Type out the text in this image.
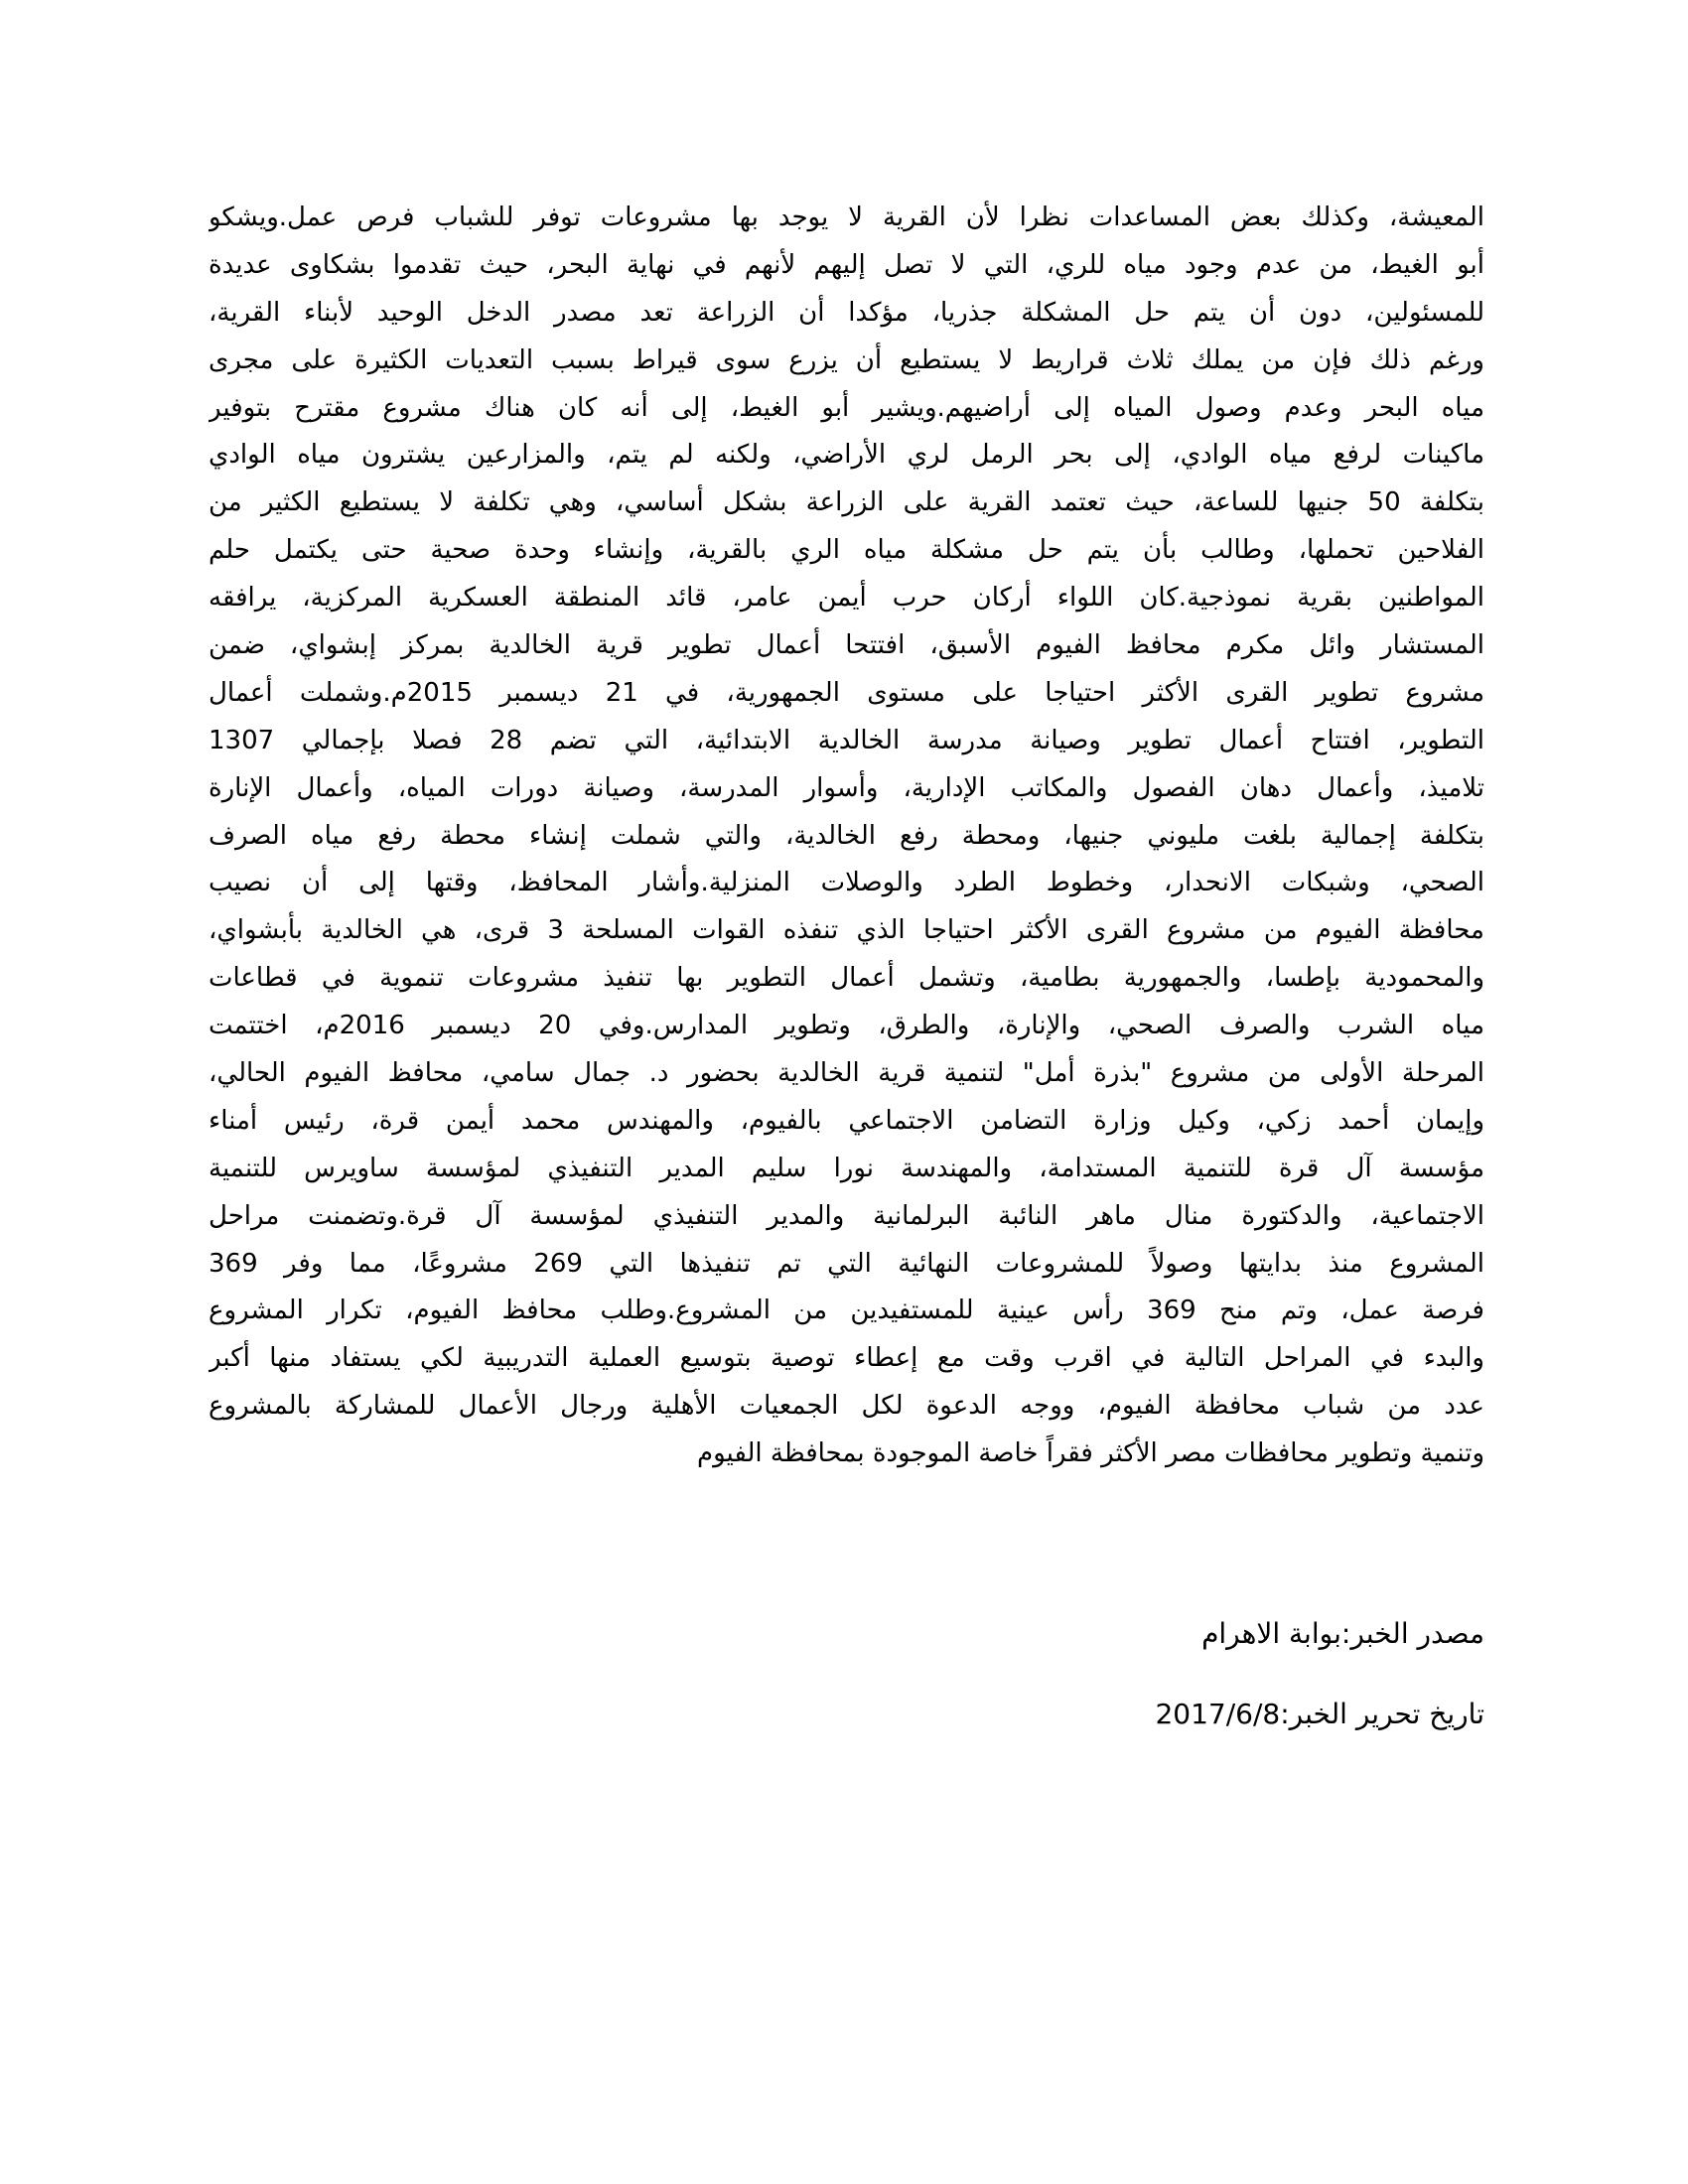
المعيشة، وكذلك بعض المساعدات نظرا لأن القرية لا يوجد بها مشروعات توفر للشباب فرص عمل.ويشكو
أبو الغيط، من عدم وجود مياه للري، التي لا تصل إليهم لأنهم في نهاية البحر، حيث تقدموا بشكاوى عديدة
للمسئولين، دون أن يتم حل المشكلة جذريا، مؤكدا أن الزراعة تعد مصدر الدخل الوحيد لأبناء القرية،
ورغم ذلك فإن من يملك ثلاث قراريط لا يستطيع أن يزرع سوى قيراط بسبب التعديات الكثيرة على مجرى
مياه البحر وعدم وصول المياه إلى أراضيهم.ويشير أبو الغيط، إلى أنه كان هناك مشروع مقترح بتوفير
ماكينات لرفع مياه الوادي، إلى بحر الرمل لري الأراضي، ولكنه لم يتم، والمزارعين يشترون مياه الوادي
بتكلفة 50 جنيها للساعة، حيث تعتمد القرية على الزراعة بشكل أساسي، وهي تكلفة لا يستطيع الكثير من
الفلاحين تحملها، وطالب بأن يتم حل مشكلة مياه الري بالقرية، وإنشاء وحدة صحية حتى يكتمل حلم
المواطنين بقرية نموذجية.كان اللواء أركان حرب أيمن عامر، قائد المنطقة العسكرية المركزية، يرافقه
المستشار وائل مكرم محافظ الفيوم الأسبق، افتتحا أعمال تطوير قرية الخالدية بمركز إبشواي، ضمن
مشروع تطوير القرى الأكثر احتياجا على مستوى الجمهورية، في 21 ديسمبر 2015م.وشملت أعمال
التطوير، افتتاح أعمال تطوير وصيانة مدرسة الخالدية الابتدائية، التي تضم 28 فصلا بإجمالي 1307
تلاميذ، وأعمال دهان الفصول والمكاتب الإدارية، وأسوار المدرسة، وصيانة دورات المياه، وأعمال الإنارة
بتكلفة إجمالية بلغت مليوني جنيها، ومحطة رفع الخالدية، والتي شملت إنشاء محطة رفع مياه الصرف
الصحي، وشبكات الانحدار، وخطوط الطرد والوصلات المنزلية.وأشار المحافظ، وقتها إلى أن نصيب
محافظة الفيوم من مشروع القرى الأكثر احتياجا الذي تنفذه القوات المسلحة 3 قرى، هي الخالدية بأبشواي،
والمحمودية بإطسا، والجمهورية بطامية، وتشمل أعمال التطوير بها تنفيذ مشروعات تنموية في قطاعات
مياه الشرب والصرف الصحي، والإنارة، والطرق، وتطوير المدارس.وفي 20 ديسمبر 2016م، اختتمت
المرحلة الأولى من مشروع "بذرة أمل" لتنمية قرية الخالدية بحضور د. جمال سامي، محافظ الفيوم الحالي،
وإيمان أحمد زكي، وكيل وزارة التضامن الاجتماعي بالفيوم، والمهندس محمد أيمن قرة، رئيس أمناء
مؤسسة آل قرة للتنمية المستدامة، والمهندسة نورا سليم المدير التنفيذي لمؤسسة ساويرس للتنمية
الاجتماعية، والدكتورة منال ماهر النائبة البرلمانية والمدير التنفيذي لمؤسسة آل قرة.وتضمنت مراحل
المشروع منذ بدايتها وصولاً للمشروعات النهائية التي تم تنفيذها التي 269 مشروعًا، مما وفر 369
فرصة عمل، وتم منح 369 رأس عينية للمستفيدين من المشروع.وطلب محافظ الفيوم، تكرار المشروع
والبدء في المراحل التالية في اقرب وقت مع إعطاء توصية بتوسيع العملية التدريبية لكي يستفاد منها أكبر
عدد من شباب محافظة الفيوم، ووجه الدعوة لكل الجمعيات الأهلية ورجال الأعمال للمشاركة بالمشروع
وتنمية وتطوير محافظات مصر الأكثر فقراً خاصة الموجودة بمحافظة الفيوم
مصدر الخبر:بوابة الاهرام
تاريخ تحرير الخبر:2017/6/8
